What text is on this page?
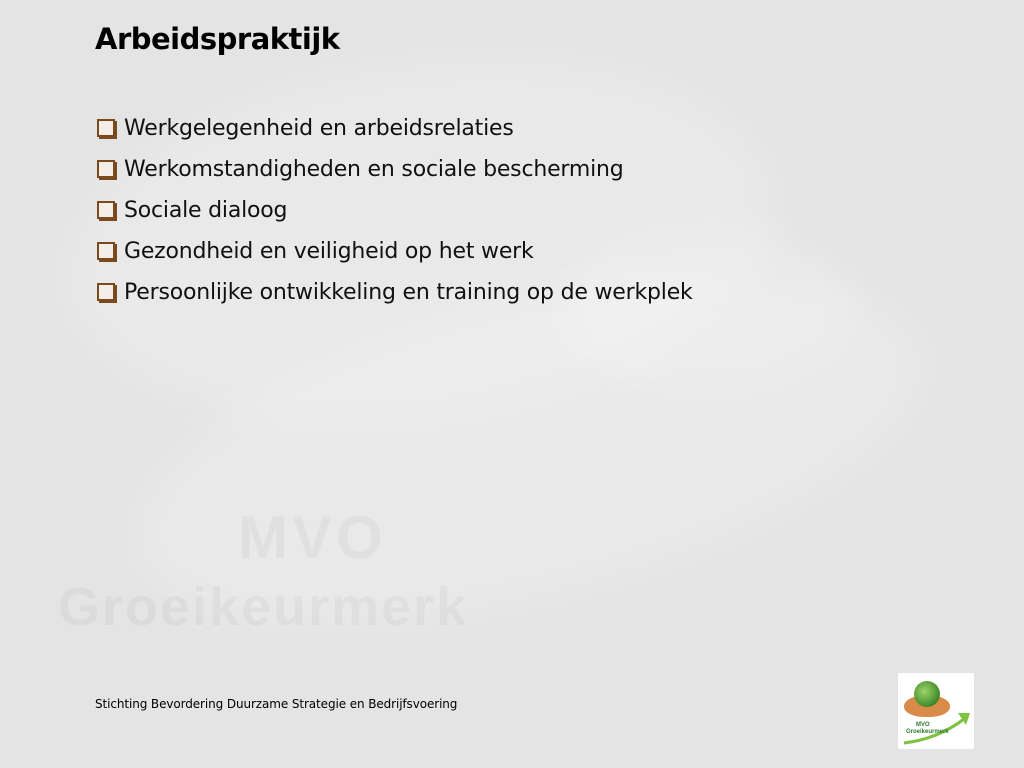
Arbeidspraktijk
Werkgelegenheid en arbeidsrelaties
Werkomstandigheden en sociale bescherming
Sociale dialoog
Gezondheid en veiligheid op het werk
Persoonlijke ontwikkeling en training op de werkplek
Stichting Bevordering Duurzame Strategie en Bedrijfsvoering
MVO
Groeikeurmerk
